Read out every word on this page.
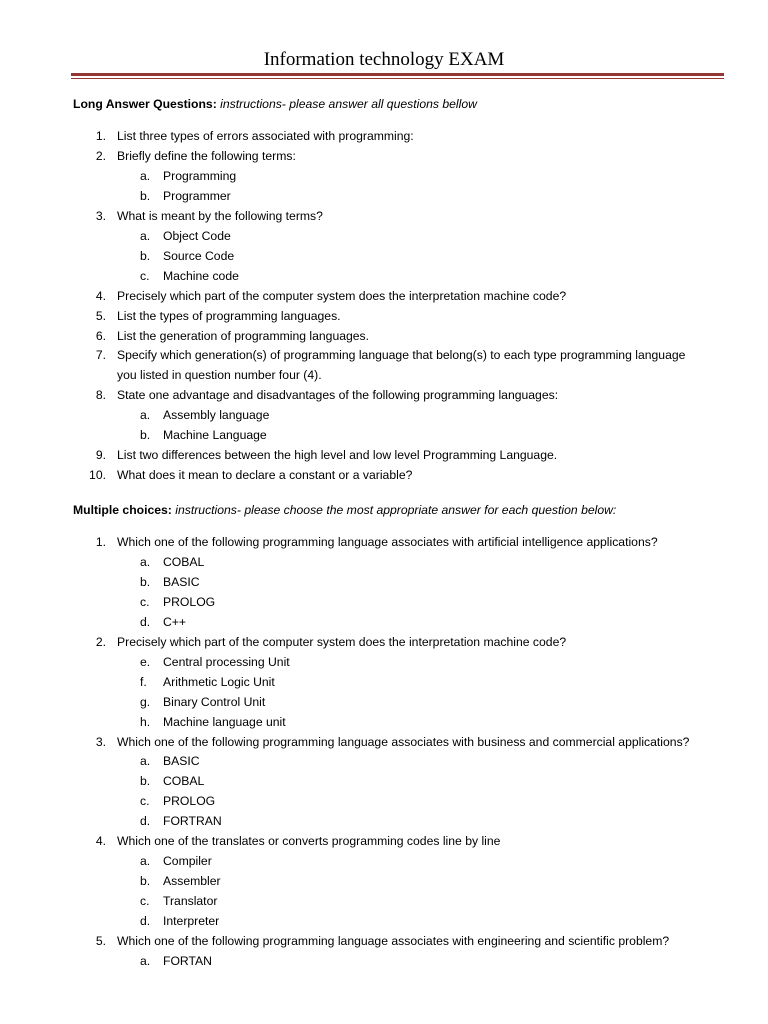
Information technology EXAM
Long Answer Questions: instructions- please answer all questions bellow
Multiple choices: instructions- please choose the most appropriate answer for each question below:
1. List three types of errors associated with programming:
2. Briefly define the following terms:
a.	Programming
b.	Programmer
3. What is meant by the following terms?
a.	Object Code
b.	Source Code
c.	Machine code
4. Precisely which part of the computer system does the interpretation machine code?
5. List the types of programming languages.
6. List the generation of programming languages.
7. Specify which generation(s) of programming language that belong(s) to each type programming language
you listed in question number four (4).
8. State one advantage and disadvantages of the following programming languages:
a.	Assembly language
b.	Machine Language
9. List two differences between the high level and low level Programming Language.
10. What does it mean to declare a constant or a variable?
1. Which one of the following programming language associates with artificial intelligence applications?
a.	COBAL
b.	BASIC
c.	PROLOG
d.	C++
2. Precisely which part of the computer system does the interpretation machine code?
e.	Central processing Unit
f.	Arithmetic Logic Unit
g.	Binary Control Unit
h.	Machine language unit
3. Which one of the following programming language associates with business and commercial applications?
a.	BASIC
b.	COBAL
c.	PROLOG
d.	FORTRAN
4. Which one of the translates or converts programming codes line by line
a.	Compiler
b.	Assembler
c.	Translator
d.	Interpreter
5. Which one of the following programming language associates with engineering and scientific problem?
a.	FORTAN
